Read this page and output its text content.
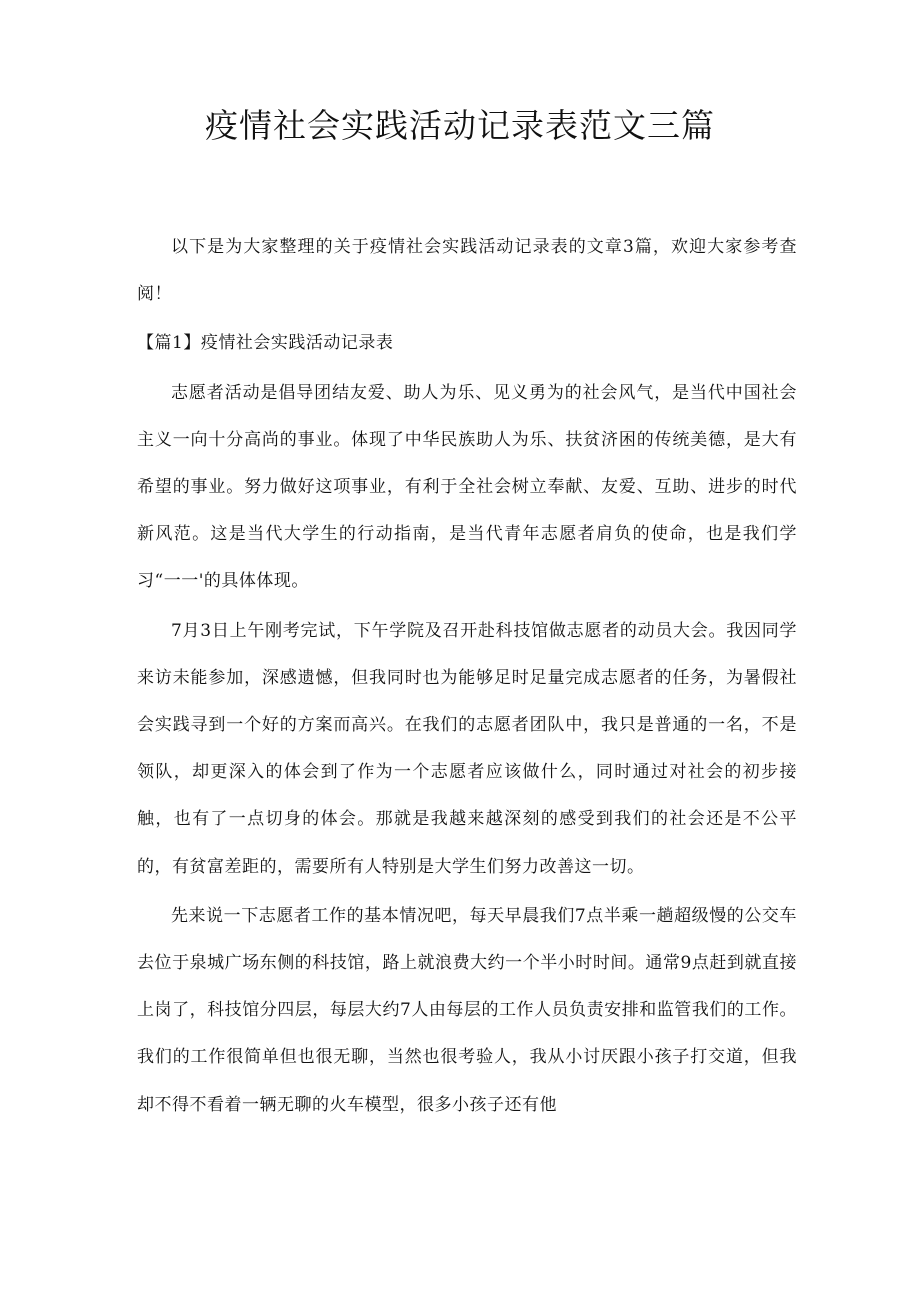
疫情社会实践活动记录表范文三篇

以下是为大家整理的关于疫情社会实践活动记录表的文章3篇，欢迎大家参考查阅！

【篇1】疫情社会实践活动记录表

志愿者活动是倡导团结友爱、助人为乐、见义勇为的社会风气，是当代中国社会主义一向十分高尚的事业。体现了中华民族助人为乐、扶贫济困的传统美德，是大有希望的事业。努力做好这项事业，有利于全社会树立奉献、友爱、互助、进步的时代新风范。这是当代大学生的行动指南，是当代青年志愿者肩负的使命，也是我们学习“一一'的具体体现。

7月3日上午刚考完试，下午学院及召开赴科技馆做志愿者的动员大会。我因同学来访未能参加，深感遗憾，但我同时也为能够足时足量完成志愿者的任务，为暑假社会实践寻到一个好的方案而高兴。在我们的志愿者团队中，我只是普通的一名，不是领队，却更深入的体会到了作为一个志愿者应该做什么，同时通过对社会的初步接触，也有了一点切身的体会。那就是我越来越深刻的感受到我们的社会还是不公平的，有贫富差距的，需要所有人特别是大学生们努力改善这一切。

先来说一下志愿者工作的基本情况吧，每天早晨我们7点半乘一趟超级慢的公交车去位于泉城广场东侧的科技馆，路上就浪费大约一个半小时时间。通常9点赶到就直接上岗了，科技馆分四层，每层大约7人由每层的工作人员负责安排和监管我们的工作。我们的工作很简单但也很无聊，当然也很考验人，我从小讨厌跟小孩子打交道，但我却不得不看着一辆无聊的火车模型，很多小孩子还有他
